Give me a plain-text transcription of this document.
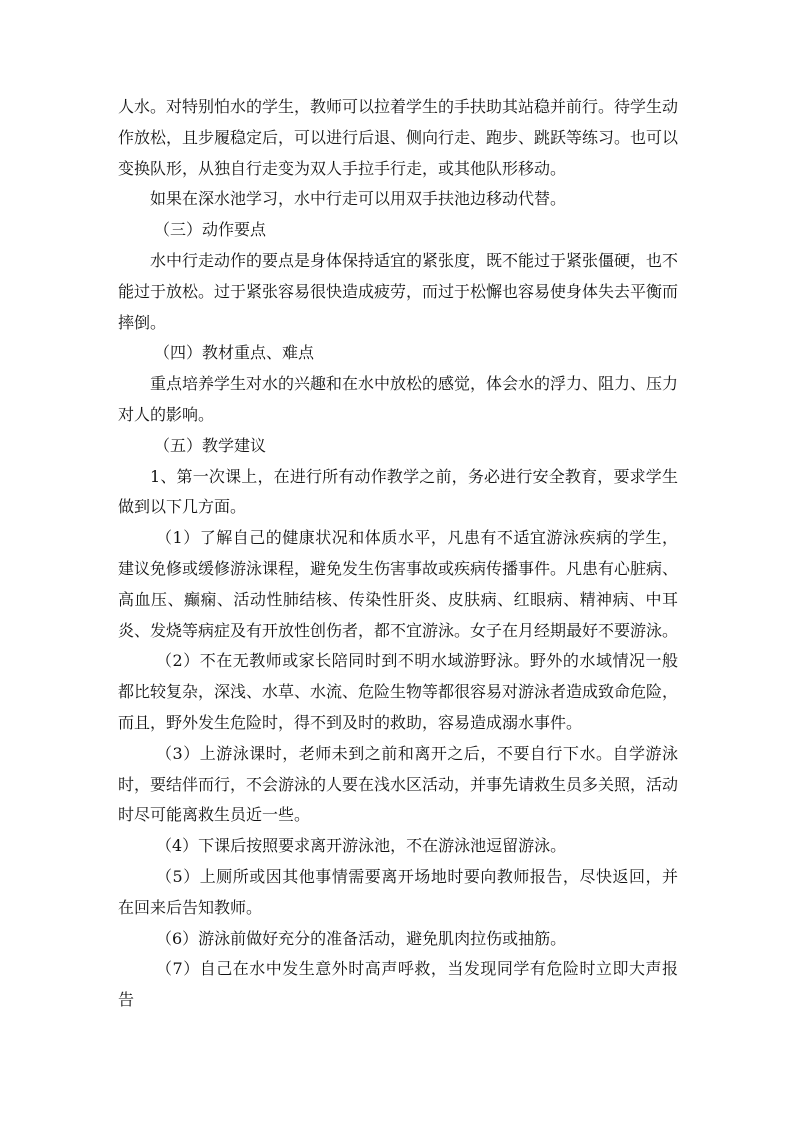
人水。对特别怕水的学生，教师可以拉着学生的手扶助其站稳并前行。待学生动作放松，且步履稳定后，可以进行后退、侧向行走、跑步、跳跃等练习。也可以变换队形，从独自行走变为双人手拉手行走，或其他队形移动。

如果在深水池学习，水中行走可以用双手扶池边移动代替。

（三）动作要点

水中行走动作的要点是身体保持适宜的紧张度，既不能过于紧张僵硬，也不能过于放松。过于紧张容易很快造成疲劳，而过于松懈也容易使身体失去平衡而摔倒。

（四）教材重点、难点

重点培养学生对水的兴趣和在水中放松的感觉，体会水的浮力、阻力、压力对人的影响。

（五）教学建议

1、第一次课上，在进行所有动作教学之前，务必进行安全教育，要求学生做到以下几方面。

（1）了解自己的健康状况和体质水平，凡患有不适宜游泳疾病的学生，建议免修或缓修游泳课程，避免发生伤害事故或疾病传播事件。凡患有心脏病、高血压、癫痫、活动性肺结核、传染性肝炎、皮肤病、红眼病、精神病、中耳炎、发烧等病症及有开放性创伤者，都不宜游泳。女子在月经期最好不要游泳。

（2）不在无教师或家长陪同时到不明水域游野泳。野外的水域情况一般都比较复杂，深浅、水草、水流、危险生物等都很容易对游泳者造成致命危险，而且，野外发生危险时，得不到及时的救助，容易造成溺水事件。

（3）上游泳课时，老师未到之前和离开之后，不要自行下水。自学游泳时，要结伴而行，不会游泳的人要在浅水区活动，并事先请救生员多关照，活动时尽可能离救生员近一些。

（4）下课后按照要求离开游泳池，不在游泳池逗留游泳。

（5）上厕所或因其他事情需要离开场地时要向教师报告，尽快返回，并在回来后告知教师。

（6）游泳前做好充分的准备活动，避免肌肉拉伤或抽筋。

（7）自己在水中发生意外时高声呼救，当发现同学有危险时立即大声报告
